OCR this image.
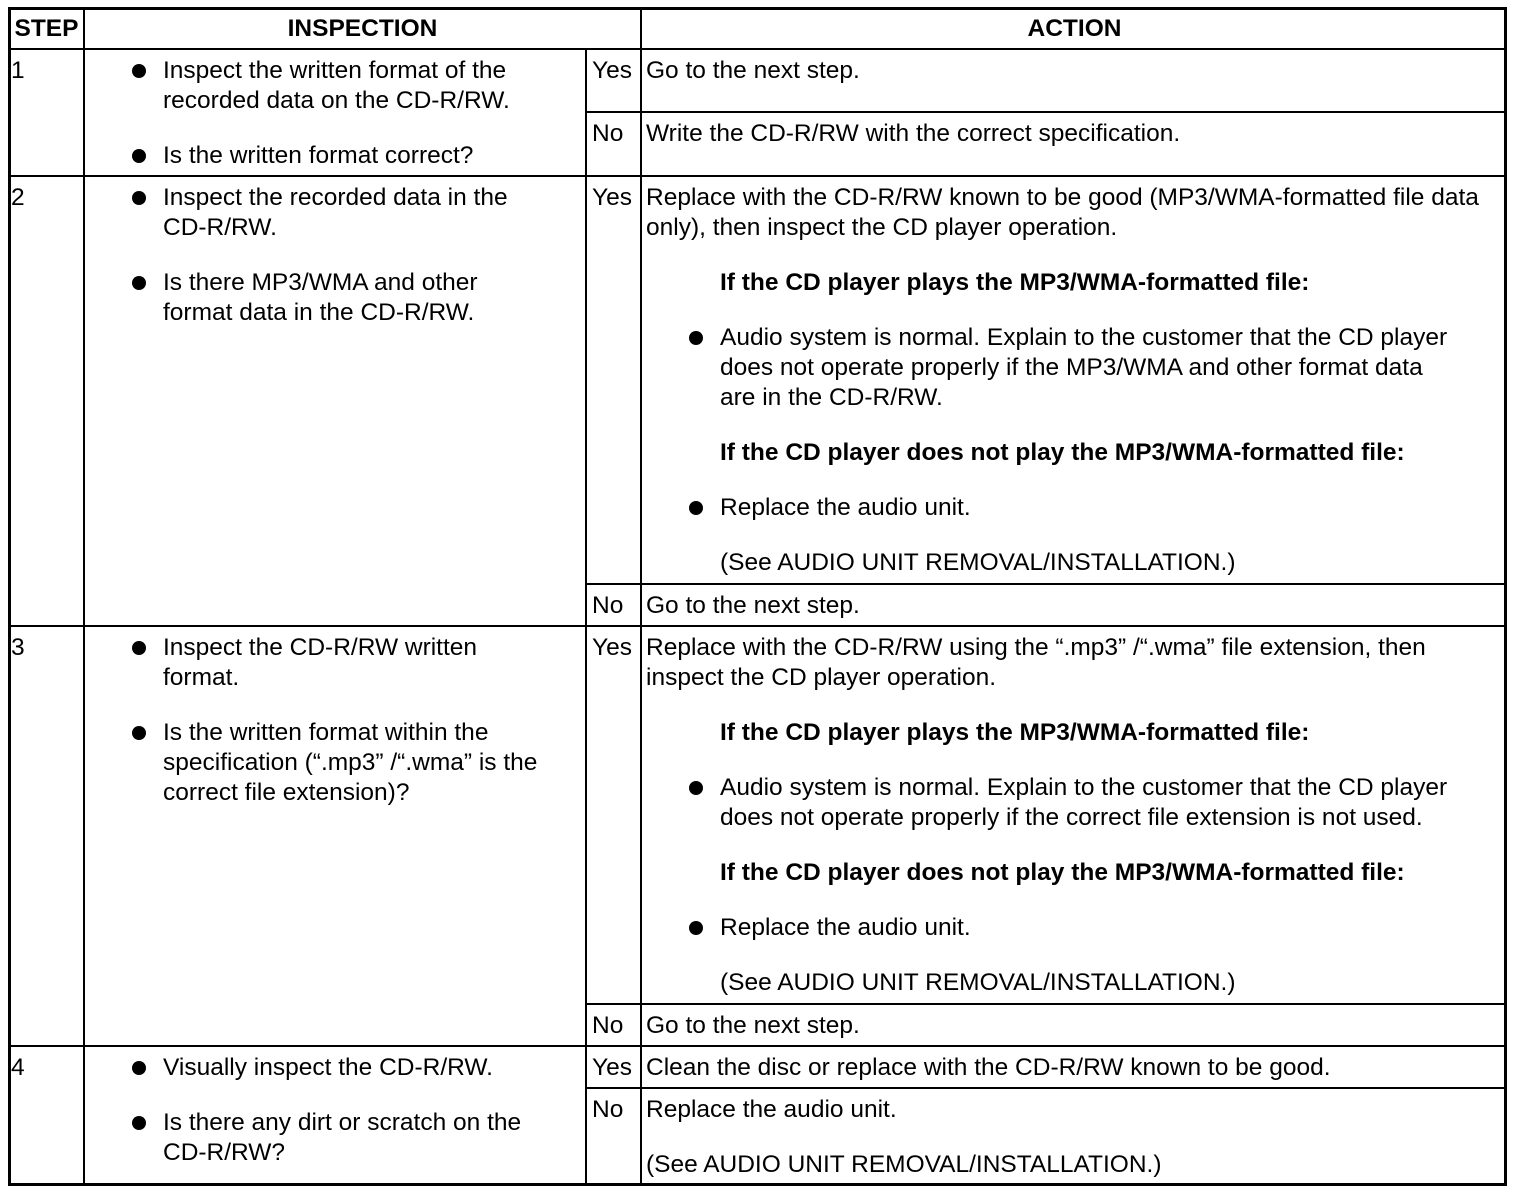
STEP	INSPECTION	ACTION
1	Inspect the written format of the
recorded data on the CD-R/RW.
Is the written format correct?
Yes Go to the next step.
No Write the CD-R/RW with the correct specification.
2	Inspect the recorded data in the
CD-R/RW.
Is there MP3/WMA and other
format data in the CD-R/RW.
Yes Replace with the CD-R/RW known to be good (MP3/WMA-formatted file data
only), then inspect the CD player operation.
If the CD player plays the MP3/WMA-formatted file:
Audio system is normal. Explain to the customer that the CD player
does not operate properly if the MP3/WMA and other format data
are in the CD-R/RW.
If the CD player does not play the MP3/WMA-formatted file:
Replace the audio unit.
(See AUDIO UNIT REMOVAL/INSTALLATION.)
No Go to the next step.
3	Inspect the CD-R/RW written
format.
Is the written format within the
specification (“.mp3” /“.wma” is the
correct file extension)?
Yes Replace with the CD-R/RW using the “.mp3” /“.wma” file extension, then
inspect the CD player operation.
If the CD player plays the MP3/WMA-formatted file:
Audio system is normal. Explain to the customer that the CD player
does not operate properly if the correct file extension is not used.
If the CD player does not play the MP3/WMA-formatted file:
Replace the audio unit.
(See AUDIO UNIT REMOVAL/INSTALLATION.)
No Go to the next step.
4	Visually inspect the CD-R/RW.
Is there any dirt or scratch on the
CD-R/RW?
Yes Clean the disc or replace with the CD-R/RW known to be good.
No Replace the audio unit.
(See AUDIO UNIT REMOVAL/INSTALLATION.)
